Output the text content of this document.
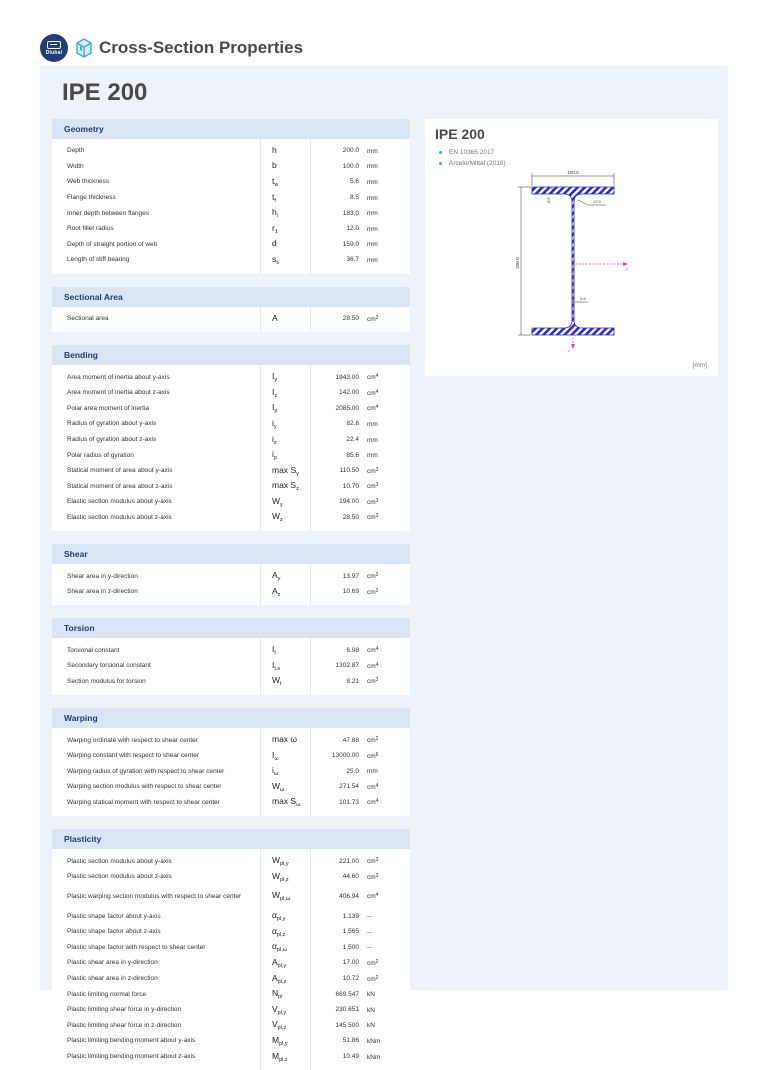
Dlubal Cross-Section Properties
IPE 200
Geometry
Depth	h	200.0	mm
Width	b	100.0	mm
Web thickness	$t_w$	5.6	mm
Flange thickness	$t_f$	8.5	mm
Inner depth between flanges	$h_i$	183.0	mm
Root fillet radius	$r_1$	12.0	mm
Depth of straight portion of web	d	159.0	mm
Length of stiff bearing	$s_s$	36.7	mm
Sectional Area
Sectional area	A	28.50	$cm^2$
Bending
Area moment of inertia about y-axis	$I_y$	1943.00	$cm^4$
Area moment of inertia about z-axis	$I_z$	142.00	$cm^4$
Polar area moment of inertia	$I_p$	2085.00	$cm^4$
Radius of gyration about y-axis	$i_y$	82.6	mm
Radius of gyration about z-axis	$i_z$	22.4	mm
Polar radius of gyration	$i_p$	85.6	mm
Statical moment of area about y-axis	$\max S_y$	110.50	$cm^3$
Statical moment of area about z-axis	$\max S_z$	10.70	$cm^3$
Elastic section modulus about y-axis	$W_y$	194.00	$cm^3$
Elastic section modulus about z-axis	$W_z$	28.50	$cm^3$
Shear
Shear area in y-direction	$A_y$	13.97	$cm^2$
Shear area in z-direction	$A_z$	10.69	$cm^2$
Torsion
Torsional constant	$I_t$	6.98	$cm^4$
Secondary torsional constant	$I_{t,s}$	1302.87	$cm^4$
Section modulus for torsion	$W_t$	8.21	$cm^3$
Warping
Warping ordinate with respect to shear center	max ω	47.88	$cm^2$
Warping constant with respect to shear center	$I_\omega$	13000.00	$cm^6$
Warping radius of gyration with respect to shear center	$i_\omega$	25.0	mm
Warping section modulus with respect to shear center	$W_\omega$	271.54	$cm^4$
Warping statical moment with respect to shear center	$\max S_\omega$	101.73	$cm^4$
Plasticity
Plastic section modulus about y-axis	$W_{pl,y}$	221.00	$cm^3$
Plastic section modulus about z-axis	$W_{pl,z}$	44.60	$cm^3$
Plastic warping section modulus with respect to shear center	$W_{pl,\omega}$	406.94	$cm^4$
Plastic shape factor about y-axis	$\alpha_{pl,y}$	1.139	--
Plastic shape factor about z-axis	$\alpha_{pl,z}$	1.565	--
Plastic shape factor with respect to shear center	$\alpha_{pl,\omega}$	1.500	--
Plastic shear area in y-direction	$A_{pl,y}$	17.00	$cm^2$
Plastic shear area in z-direction	$A_{pl,z}$	10.72	$cm^2$
Plastic limiting normal force	$N_{pl}$	669.547	kN
Plastic limiting shear force in y-direction	$V_{pl,y}$	230.651	kN
Plastic limiting shear force in z-direction	$V_{pl,z}$	145.500	kN
Plastic limiting bending moment about y-axis	$M_{pl,y}$	51.86	kNm
Plastic limiting bending moment about z-axis	$M_{pl,z}$	10.49	kNm
IPE 200
EN 10365:2017
ArcelorMittal (2018)
100.0
200.0
8.5	12.0
5.6
y
z
[mm]
